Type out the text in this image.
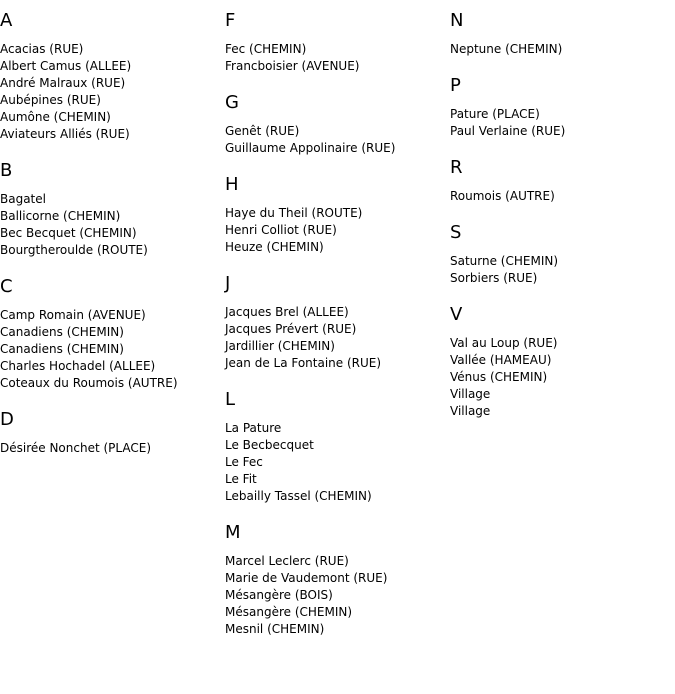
A
Acacias (RUE)
Albert Camus (ALLEE)
André Malraux (RUE)
Aubépines (RUE)
Aumône (CHEMIN)
Aviateurs Alliés (RUE)
B
Bagatel
Ballicorne (CHEMIN)
Bec Becquet (CHEMIN)
Bourgtheroulde (ROUTE)
C
Camp Romain (AVENUE)
Canadiens (CHEMIN)
Canadiens (CHEMIN)
Charles Hochadel (ALLEE)
Coteaux du Roumois (AUTRE)
D
Désirée Nonchet (PLACE)
F
Fec (CHEMIN)
Francboisier (AVENUE)
G
Genêt (RUE)
Guillaume Appolinaire (RUE)
H
Haye du Theil (ROUTE)
Henri Colliot (RUE)
Heuze (CHEMIN)
J
Jacques Brel (ALLEE)
Jacques Prévert (RUE)
Jardillier (CHEMIN)
Jean de La Fontaine (RUE)
L
La Pature
Le Becbecquet
Le Fec
Le Fit
Lebailly Tassel (CHEMIN)
M
Marcel Leclerc (RUE)
Marie de Vaudemont (RUE)
Mésangère (BOIS)
Mésangère (CHEMIN)
Mesnil (CHEMIN)
N
Neptune (CHEMIN)
P
Pature (PLACE)
Paul Verlaine (RUE)
R
Roumois (AUTRE)
S
Saturne (CHEMIN)
Sorbiers (RUE)
V
Val au Loup (RUE)
Vallée (HAMEAU)
Vénus (CHEMIN)
Village
Village
